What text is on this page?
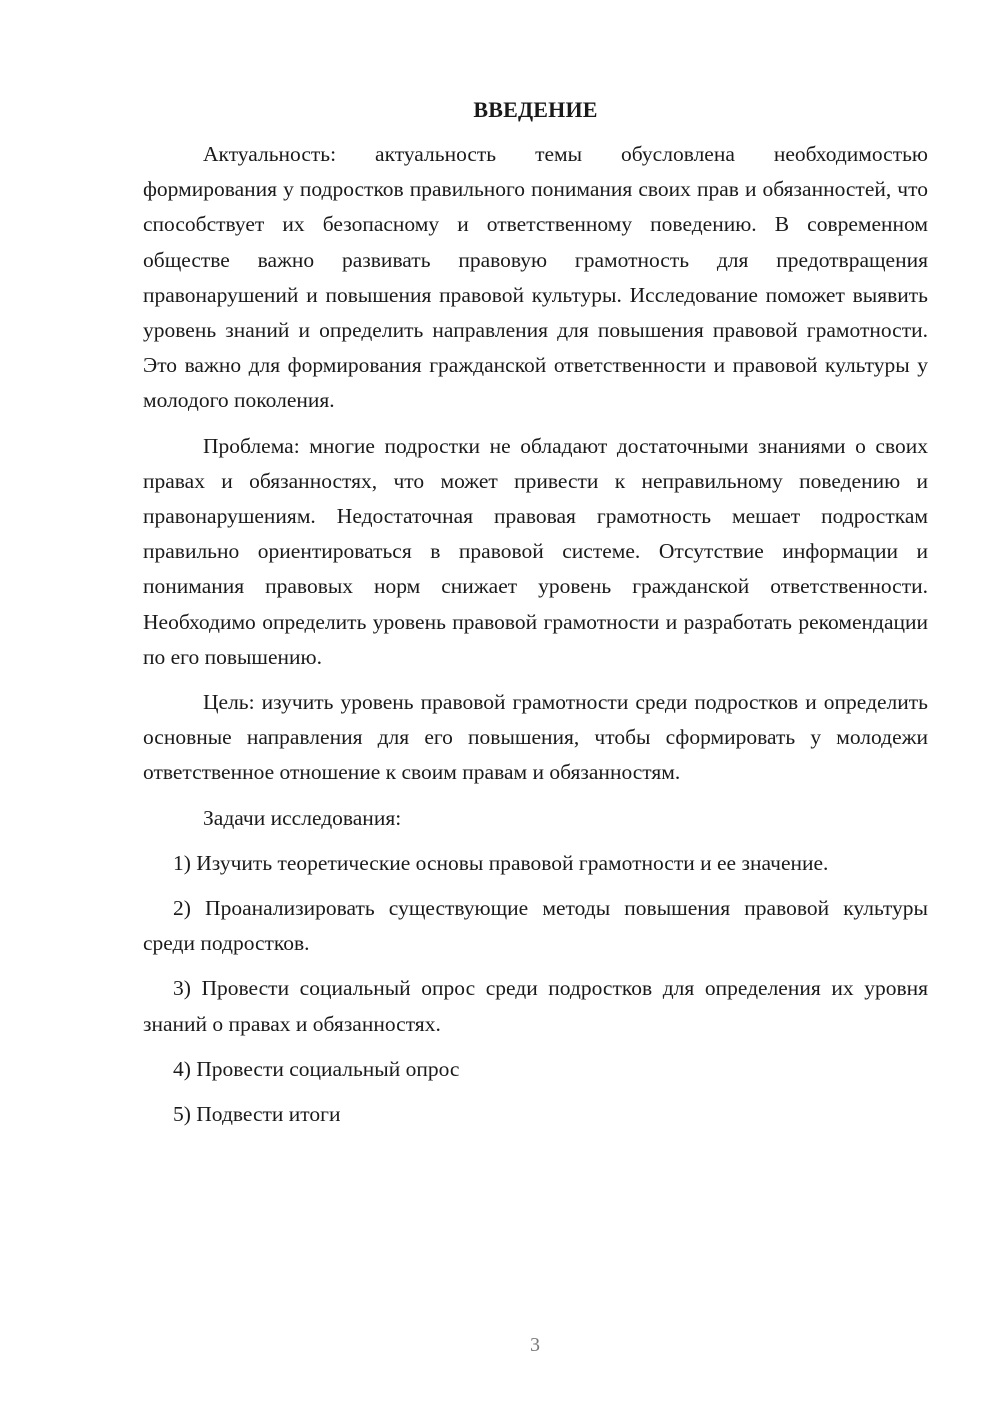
ВВЕДЕНИЕ

Актуальность: актуальность темы обусловлена необходимостью формирования у подростков правильного понимания своих прав и обязанностей, что способствует их безопасному и ответственному поведению. В современном обществе важно развивать правовую грамотность для предотвращения правонарушений и повышения правовой культуры. Исследование поможет выявить уровень знаний и определить направления для повышения правовой грамотности. Это важно для формирования гражданской ответственности и правовой культуры у молодого поколения.

Проблема: многие подростки не обладают достаточными знаниями о своих правах и обязанностях, что может привести к неправильному поведению и правонарушениям. Недостаточная правовая грамотность мешает подросткам правильно ориентироваться в правовой системе. Отсутствие информации и понимания правовых норм снижает уровень гражданской ответственности. Необходимо определить уровень правовой грамотности и разработать рекомендации по его повышению.

Цель: изучить уровень правовой грамотности среди подростков и определить основные направления для его повышения, чтобы сформировать у молодежи ответственное отношение к своим правам и обязанностям.

Задачи исследования:

1) Изучить теоретические основы правовой грамотности и ее значение.

2) Проанализировать существующие методы повышения правовой культуры среди подростков.

3) Провести социальный опрос среди подростков для определения их уровня знаний о правах и обязанностях.

4) Провести социальный опрос

5) Подвести итоги

3
